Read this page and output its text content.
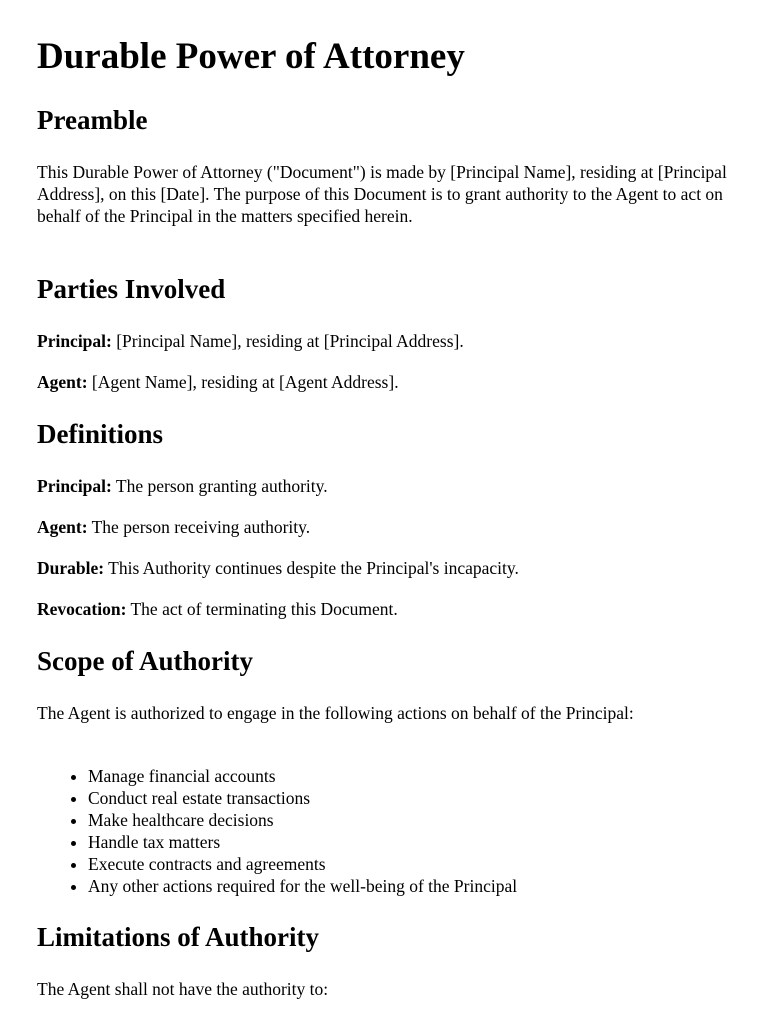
Durable Power of Attorney
Preamble

This Durable Power of Attorney ("Document") is made by [Principal Name], residing at [Principal Address], on this [Date]. The purpose of this Document is to grant authority to the Agent to act on behalf of the Principal in the matters specified herein.

Parties Involved

Principal: [Principal Name], residing at [Principal Address].

Agent: [Agent Name], residing at [Agent Address].

Definitions

Principal: The person granting authority.

Agent: The person receiving authority.

Durable: This Authority continues despite the Principal's incapacity.

Revocation: The act of terminating this Document.

Scope of Authority

The Agent is authorized to engage in the following actions on behalf of the Principal:

• Manage financial accounts
• Conduct real estate transactions
• Make healthcare decisions
• Handle tax matters
• Execute contracts and agreements
• Any other actions required for the well-being of the Principal
Limitations of Authority

The Agent shall not have the authority to:
